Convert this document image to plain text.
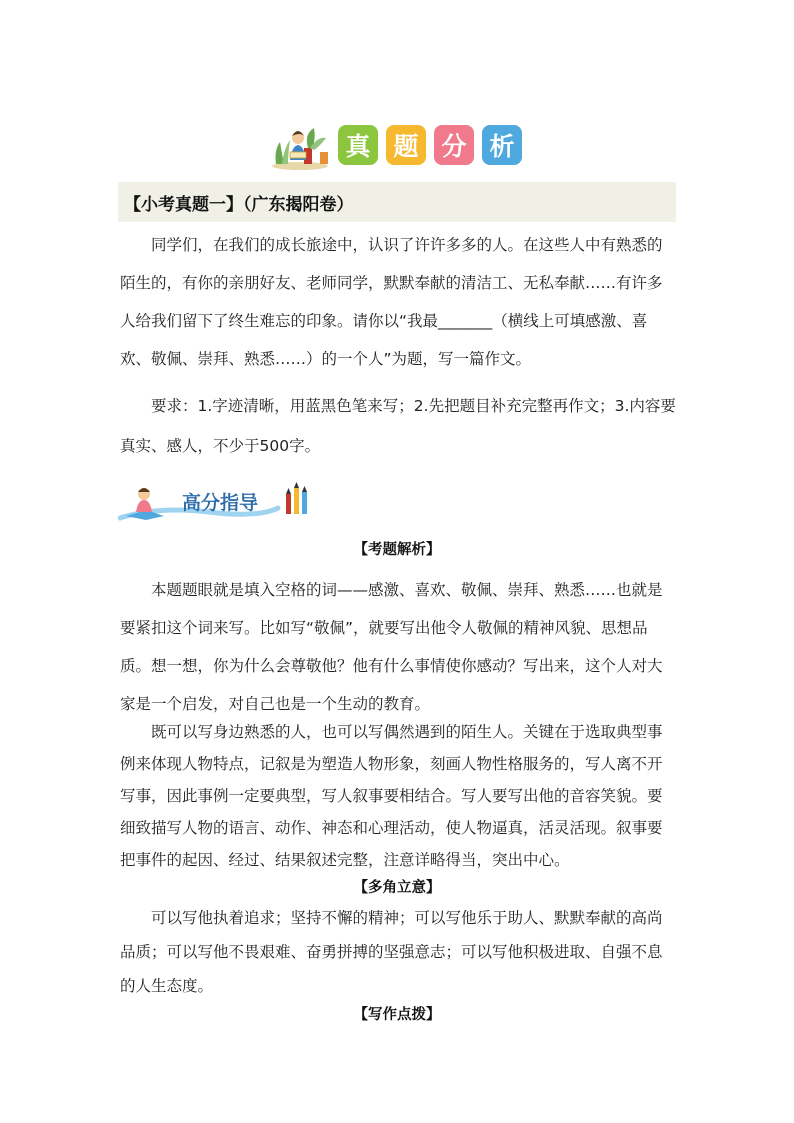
真 题 分 析
【小考真题一】（广东揭阳卷）

同学们，在我们的成长旅途中，认识了许许多多的人。在这些人中有熟悉的陌生的，有你的亲朋好友、老师同学，默默奉献的清洁工、无私奉献……有许多人给我们留下了终生难忘的印象。请你以“我最_______（横线上可填感激、喜欢、敬佩、崇拜、熟悉……）的一个人”为题，写一篇作文。

要求：1.字迹清晰，用蓝黑色笔来写；2.先把题目补充完整再作文；3.内容要真实、感人，不少于500字。

高分指导
【考题解析】

本题题眼就是填入空格的词——感激、喜欢、敬佩、崇拜、熟悉……也就是要紧扣这个词来写。比如写“敬佩”，就要写出他令人敬佩的精神风貌、思想品质。想一想，你为什么会尊敬他？他有什么事情使你感动？写出来，这个人对大家是一个启发，对自己也是一个生动的教育。

既可以写身边熟悉的人，也可以写偶然遇到的陌生人。关键在于选取典型事例来体现人物特点，记叙是为塑造人物形象，刻画人物性格服务的，写人离不开写事，因此事例一定要典型，写人叙事要相结合。写人要写出他的音容笑貌。要细致描写人物的语言、动作、神态和心理活动，使人物逼真，活灵活现。叙事要把事件的起因、经过、结果叙述完整，注意详略得当，突出中心。

【多角立意】

可以写他执着追求；坚持不懈的精神；可以写他乐于助人、默默奉献的高尚品质；可以写他不畏艰难、奋勇拼搏的坚强意志；可以写他积极进取、自强不息的人生态度。

【写作点拨】
